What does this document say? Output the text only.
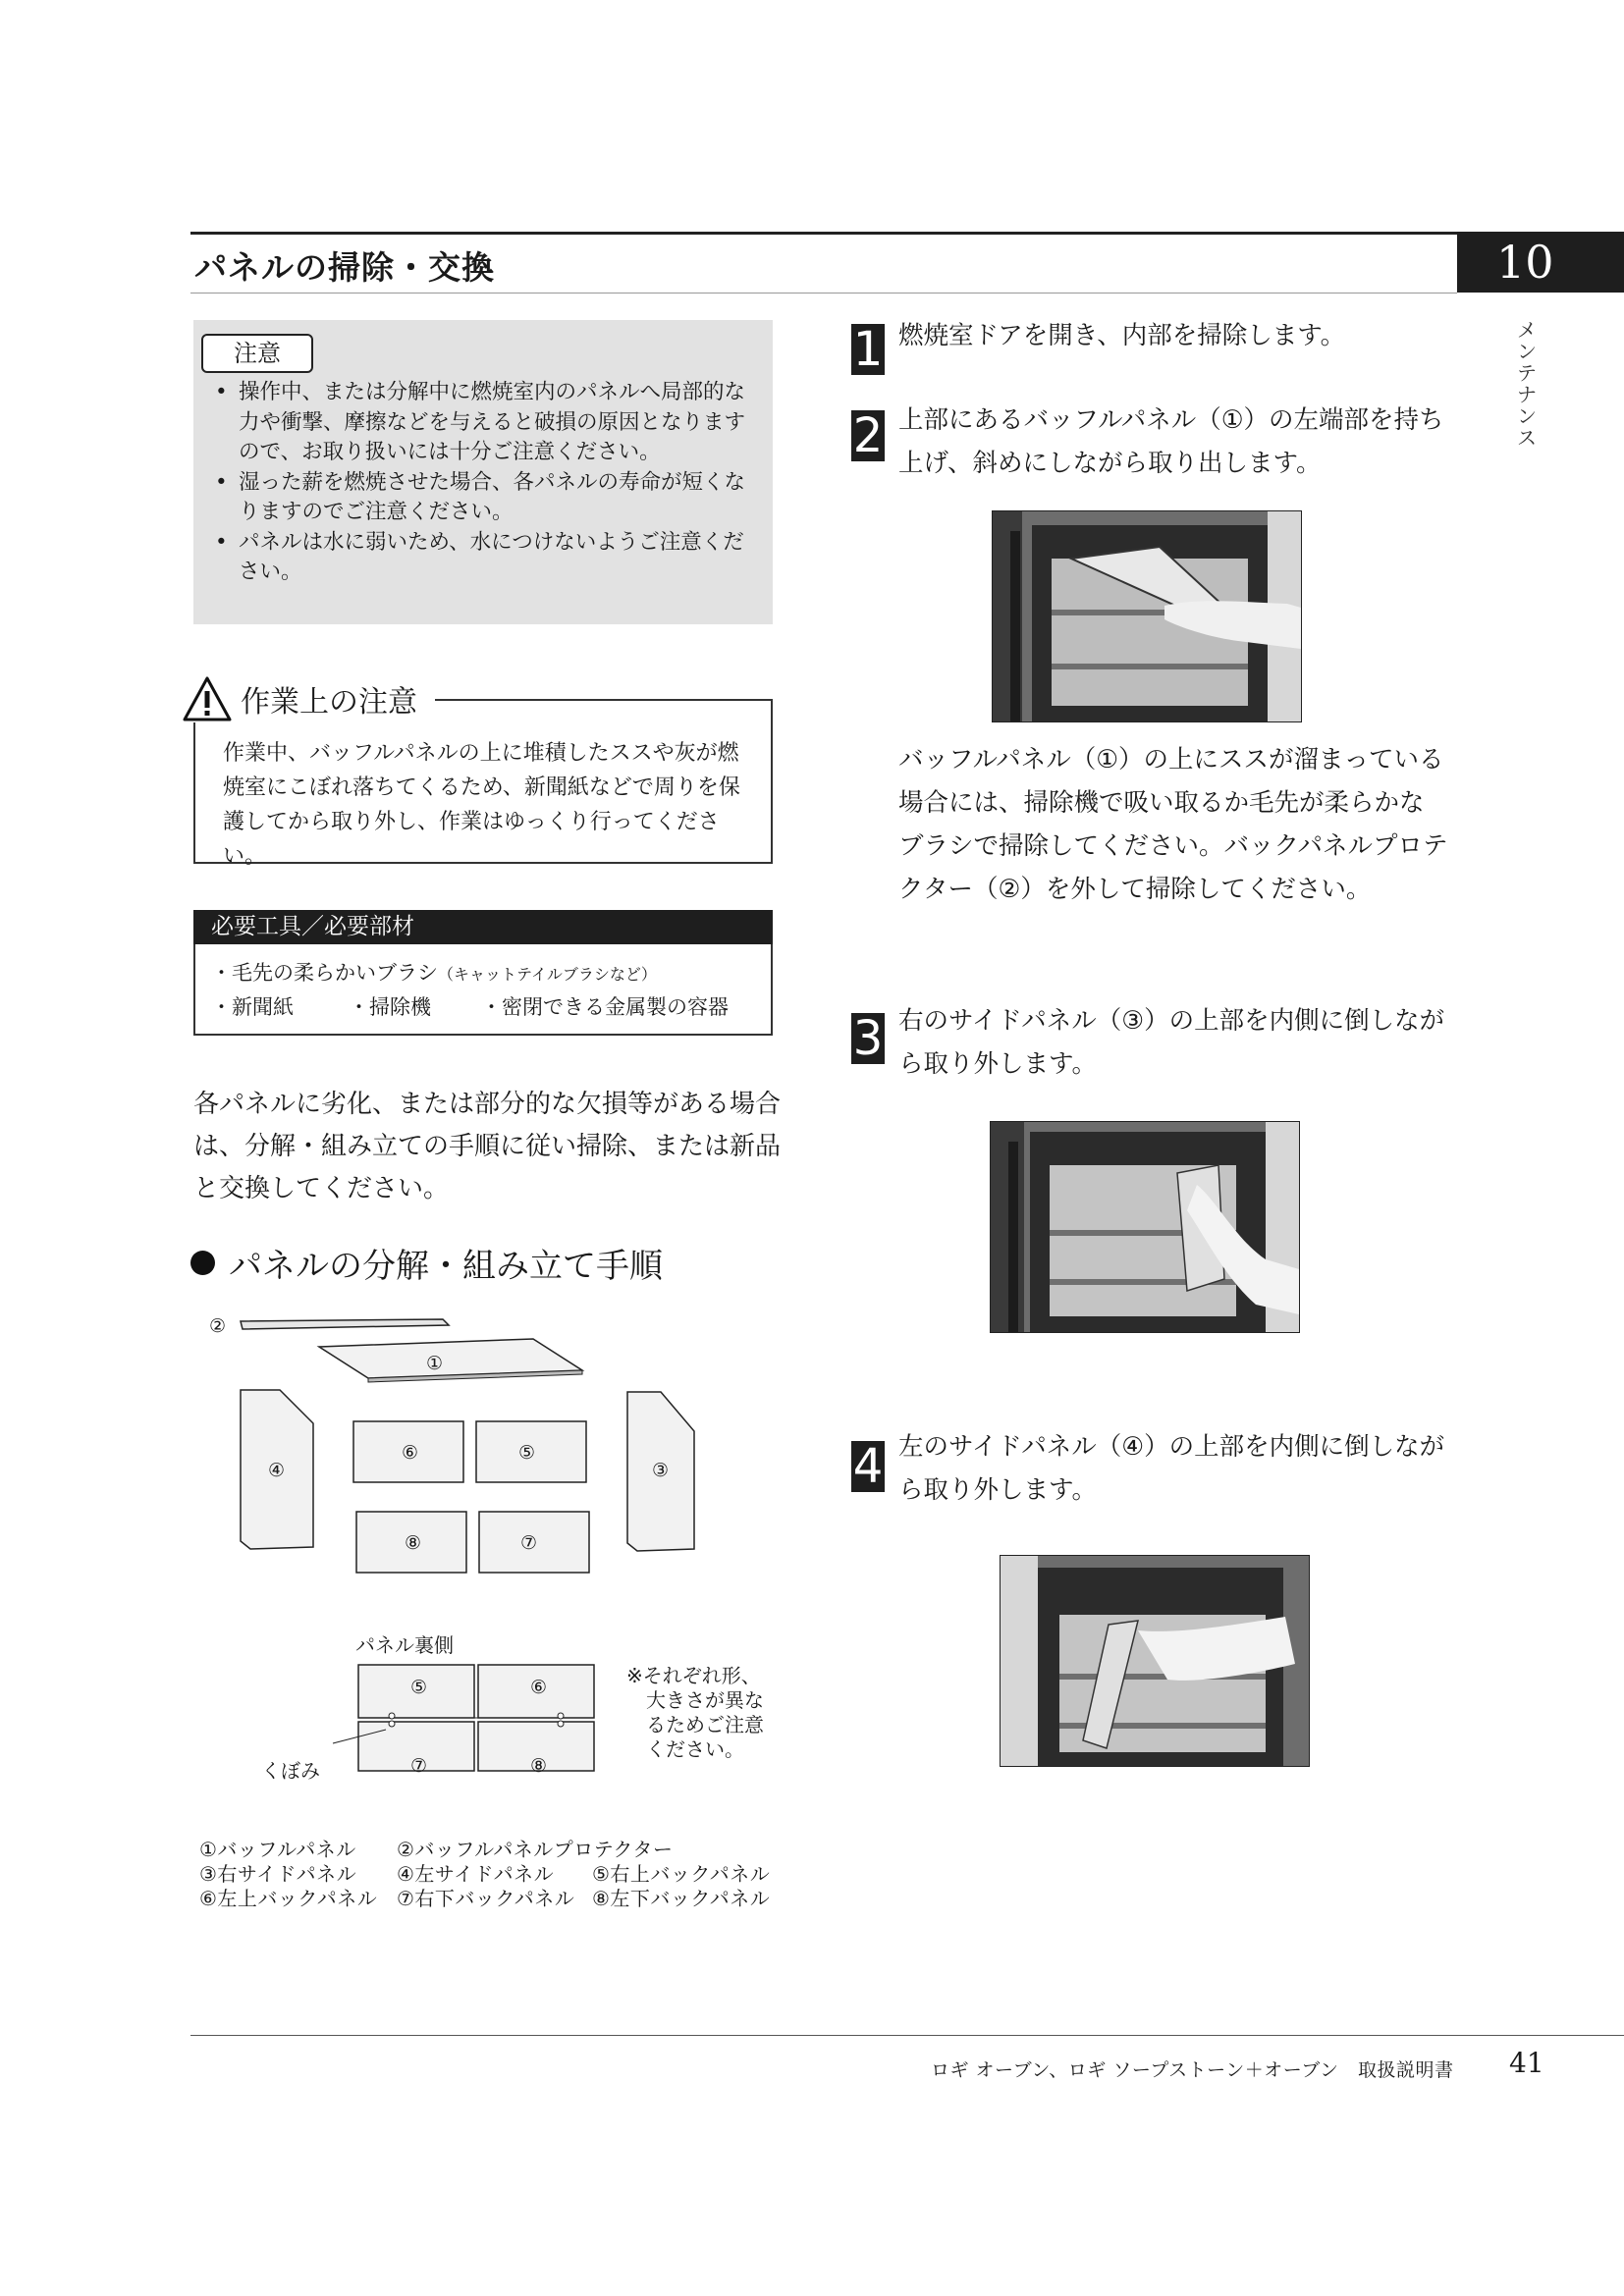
パネルの掃除・交換	10
メンテナンス
注意
• 操作中、または分解中に燃焼室内のパネルへ局部的な力や衝撃、摩擦などを与えると破損の原因となりますので、お取り扱いには十分ご注意ください。
• 湿った薪を燃焼させた場合、各パネルの寿命が短くなりますのでご注意ください。
• パネルは水に弱いため、水につけないようご注意ください。
作業上の注意
作業中、バッフルパネルの上に堆積したススや灰が燃焼室にこぼれ落ちてくるため、新聞紙などで周りを保護してから取り外し、作業はゆっくり行ってください。
必要工具／必要部材
・毛先の柔らかいブラシ（キャットテイルブラシなど）
・新聞紙	・掃除機 ・密閉できる金属製の容器
各パネルに劣化、または部分的な欠損等がある場合は、分解・組み立ての手順に従い掃除、または新品と交換してください。
パネルの分解・組み立て手順
②
①
④	③
⑥	⑤
⑧	⑦
パネル裏側
⑤	⑥
⑦	⑧
くぼみ
※それぞれ形、
大きさが異な
るためご注意
ください。
①バッフルパネル ②バッフルパネルプロテクター
③右サイドパネル ④左サイドパネル ⑤右上バックパネル
⑥左上バックパネル ⑦右下バックパネル ⑧左下バックパネル
1 燃焼室ドアを開き、内部を掃除します。
2 上部にあるバッフルパネル（①）の左端部を持ち
上げ、斜めにしながら取り出します。
バッフルパネル（①）の上にススが溜まっている場合には、掃除機で吸い取るか毛先が柔らかなブラシで掃除してください。バックパネルプロテクター（②）を外して掃除してください。
3 右のサイドパネル（③）の上部を内側に倒しなが
ら取り外します。
4 左のサイドパネル（④）の上部を内側に倒しなが
ら取り外します。
ロギ オーブン、ロギ ソープストーン＋オーブン　取扱説明書 41
